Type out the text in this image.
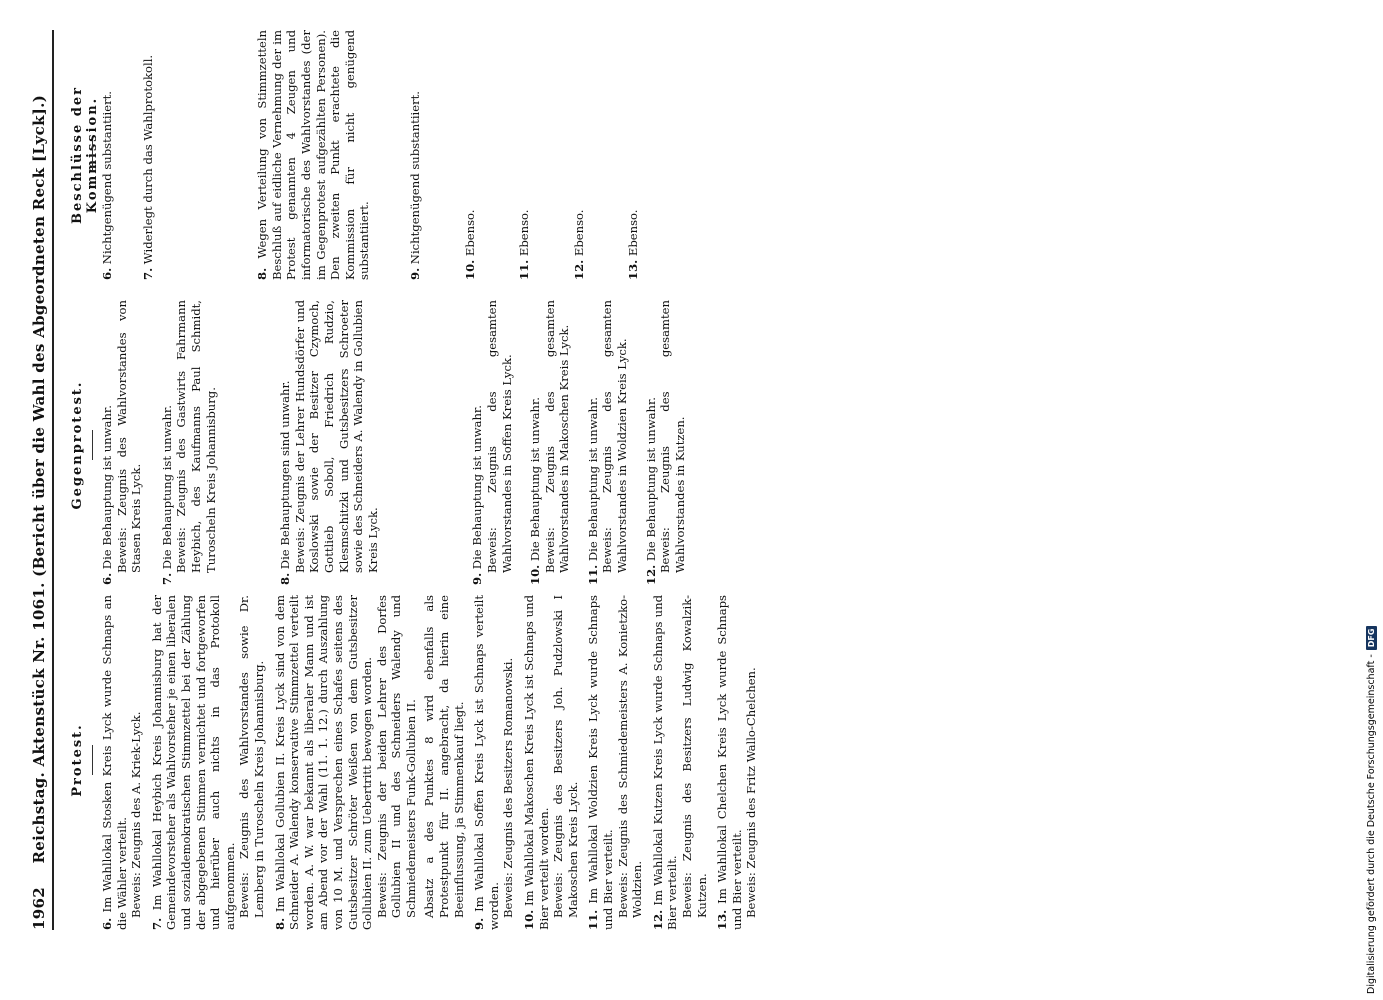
1962 Reichstag. Aktenstück Nr. 1061. (Bericht über die Wahl des Abgeordneten Reck [Lyck].) Protest.
Gegenprotest.
Beschlüsse der Kommission.
6. Im Wahllokal Stosken Kreis Lyck wurde Schnaps an die Wähler verteilt. Beweis: Zeugnis des A. Kriek-Lyck.
7. Im Wahllokal Heybich Kreis Johannisburg hat der Gemeindevorsteher als Wahlvorsteher je einen liberalen und sozialdemokratischen Stimmzettel bei der Zählung der abgegebenen Stimmen vernichtet und fortgeworfen und hierüber auch nichts in das Protokoll aufgenommen. Beweis: Zeugnis des Wahlvorstandes sowie Dr. Lemberg in Turoscheln Kreis Johannisburg.
8. Im Wahllokal Gollubien II. Kreis Lyck sind von dem Schneider A. Walendy konservative Stimmzettel verteilt worden. A. W. war bekannt als liberaler Mann und ist am Abend vor der Wahl (11. 1. 12.) durch Auszahlung von 10 M. und Versprechen eines Schafes seitens des Gutsbesitzer Schröter Weißen von dem Gutsbesitzer Gollubien II. zum Uebertritt bewogen worden. Beweis: Zeugnis der beiden Lehrer des Dorfes Gollubien II und des Schneiders Walendy und Schmiedemeisters Funk-Gollubien II. Absatz a des Punktes 8 wird ebenfalls als Protestpunkt für II. angebracht, da hierin eine Beeinflussung, ja Stimmenkauf liegt.
9. Im Wahllokal Soffen Kreis Lyck ist Schnaps verteilt worden. Beweis: Zeugnis des Besitzers Romanowski.
10. Im Wahllokal Makoschen Kreis Lyck ist Schnaps und Bier verteilt worden. Beweis: Zeugnis des Besitzers Joh. Pudzlowski I Makoschen Kreis Lyck.
11. Im Wahllokal Woldzien Kreis Lyck wurde Schnaps und Bier verteilt. Beweis: Zeugnis des Schmiedemeisters A. Konietzko-Woldzien.
12. Im Wahllokal Kutzen Kreis Lyck wurde Schnaps und Bier verteilt. Beweis: Zeugnis des Besitzers Ludwig Kowalzik-Kutzen.
13. Im Wahllokal Chelchen Kreis Lyck wurde Schnaps und Bier verteilt. Beweis: Zeugnis des Fritz Wallo-Chelchen.
6. Die Behauptung ist unwahr. Beweis: Zeugnis des Wahlvorstandes von Stasen Kreis Lyck.
7. Die Behauptung ist unwahr. Beweis: Zeugnis des Gastwirts Fahrmann Heybich, des Kaufmanns Paul Schmidt, Turoscheln Kreis Johannisburg.
8. Die Behauptungen sind unwahr. Beweis: Zeugnis der Lehrer Hundsdörfer und Koslowski sowie der Besitzer Czymoch, Gottlieb Soboll, Friedrich Rudzio, Klesmschitzki und Gutsbesitzers Schroeter sowie des Schneiders A. Walendy in Gollubien Kreis Lyck.
9. Die Behauptung ist unwahr. Beweis: Zeugnis des gesamten Wahlvorstandes in Soffen Kreis Lyck.
10. Die Behauptung ist unwahr. Beweis: Zeugnis des gesamten Wahlvorstandes in Makoschen Kreis Lyck.
11. Die Behauptung ist unwahr. Beweis: Zeugnis des gesamten Wahlvorstandes in Woldzien Kreis Lyck.
12. Die Behauptung ist unwahr. Beweis: Zeugnis des gesamten Wahlvorstandes in Kutzen.
6. Nichtgenügend substantiiert.
7. Widerlegt durch das Wahlprotokoll.
8. Wegen Verteilung von Stimmzetteln Beschluß auf eidliche Vernehmung der im Protest genannten 4 Zeugen und informatorische des Wahlvorstandes (der im Gegenprotest aufgezählten Personen). Den zweiten Punkt erachtete die Kommission für nicht genügend substantiiert.	9. Nichtgenügend substantiiert.
10. Ebenso.
11. Ebenso.
12. Ebenso.
13. Ebenso.
Digitalisierung gefördert durch die Deutsche Forschungsgemeinschaft -
DFG
